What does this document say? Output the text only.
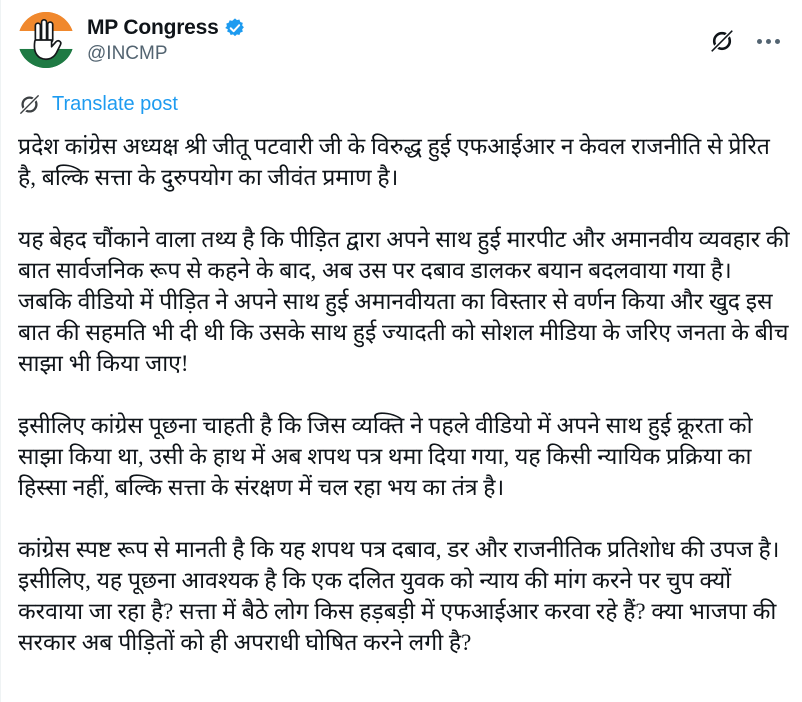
MP Congress
@INCMP
Translate post

प्रदेश कांग्रेस अध्यक्ष श्री जीतू पटवारी जी के विरुद्ध हुई एफआईआर न केवल राजनीति से प्रेरित है, बल्कि सत्ता के दुरुपयोग का जीवंत प्रमाण है।

यह बेहद चौंकाने वाला तथ्य है कि पीड़ित द्वारा अपने साथ हुई मारपीट और अमानवीय व्यवहार की बात सार्वजनिक रूप से कहने के बाद, अब उस पर दबाव डालकर बयान बदलवाया गया है। जबकि वीडियो में पीड़ित ने अपने साथ हुई अमानवीयता का विस्तार से वर्णन किया और खुद इस बात की सहमति भी दी थी कि उसके साथ हुई ज्यादती को सोशल मीडिया के जरिए जनता के बीच साझा भी किया जाए!

इसीलिए कांग्रेस पूछना चाहती है कि जिस व्यक्ति ने पहले वीडियो में अपने साथ हुई क्रूरता को साझा किया था, उसी के हाथ में अब शपथ पत्र थमा दिया गया, यह किसी न्यायिक प्रक्रिया का हिस्सा नहीं, बल्कि सत्ता के संरक्षण में चल रहा भय का तंत्र है।

कांग्रेस स्पष्ट रूप से मानती है कि यह शपथ पत्र दबाव, डर और राजनीतिक प्रतिशोध की उपज है। इसीलिए, यह पूछना आवश्यक है कि एक दलित युवक को न्याय की मांग करने पर चुप क्यों करवाया जा रहा है? सत्ता में बैठे लोग किस हड़बड़ी में एफआईआर करवा रहे हैं? क्या भाजपा की सरकार अब पीड़ितों को ही अपराधी घोषित करने लगी है?
